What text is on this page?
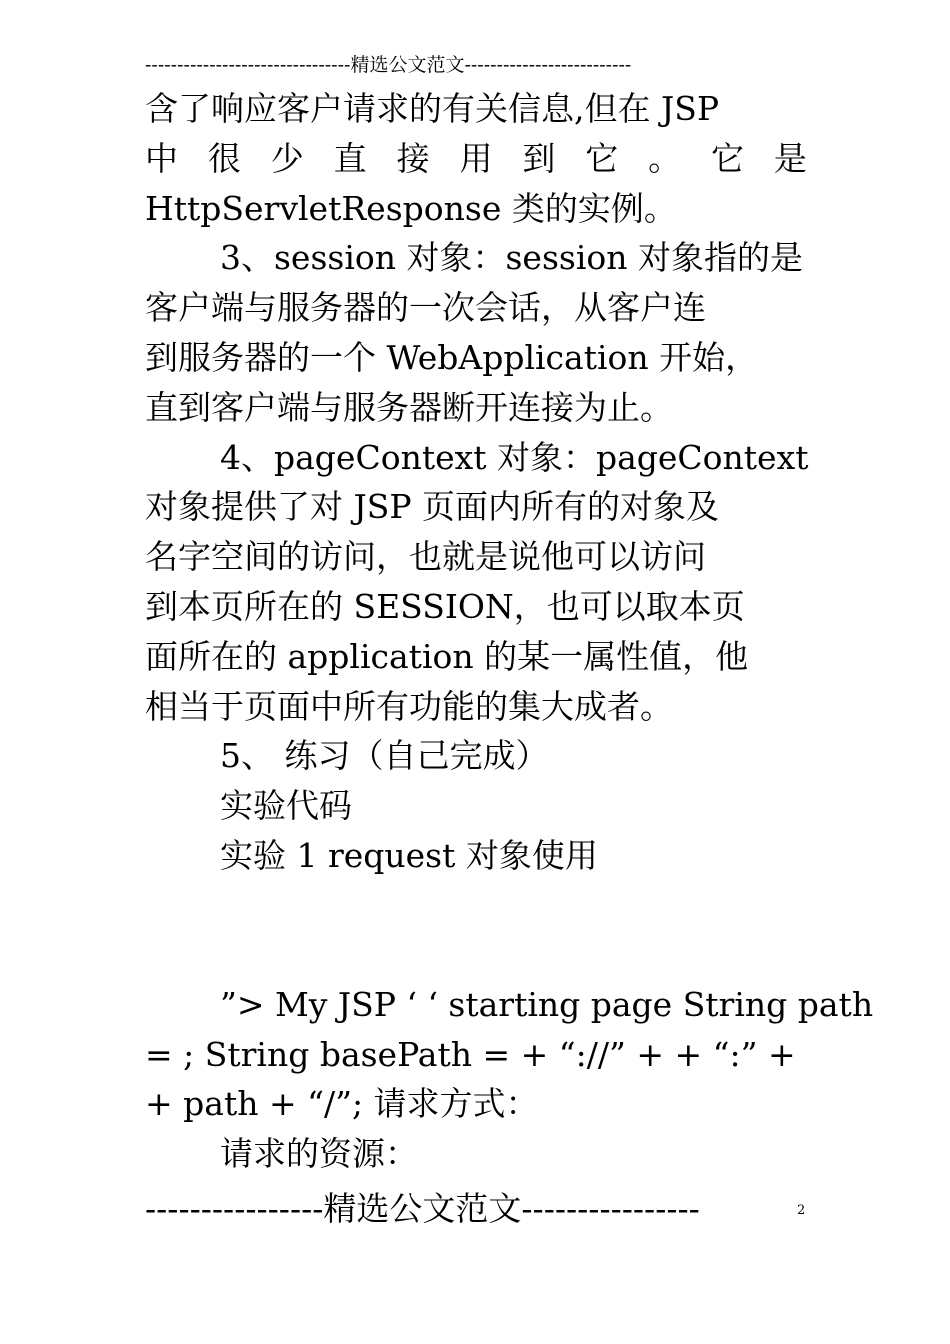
--------------------------------精选公文范文--------------------------
含了响应客户请求的有关信息,但在 JSP
中 很 少 直 接 用 到 它 。 它 是
HttpServletResponse 类的实例。
3、session 对象：session 对象指的是
客户端与服务器的一次会话，从客户连
到服务器的一个 WebApplication 开始，
直到客户端与服务器断开连接为止。
4、pageContext 对象：pageContext
对象提供了对 JSP 页面内所有的对象及
名字空间的访问，也就是说他可以访问
到本页所在的 SESSION，也可以取本页
面所在的 application 的某一属性值，他
相当于页面中所有功能的集大成者。
5、 练习（自己完成）
实验代码
实验 1 request 对象使用
”> My JSP ‘ ‘ starting page String path
= ; String basePath = + “://” + + “:” +
+ path + “/”; 请求方式：
请求的资源：
----------------精选公文范文----------------	2
